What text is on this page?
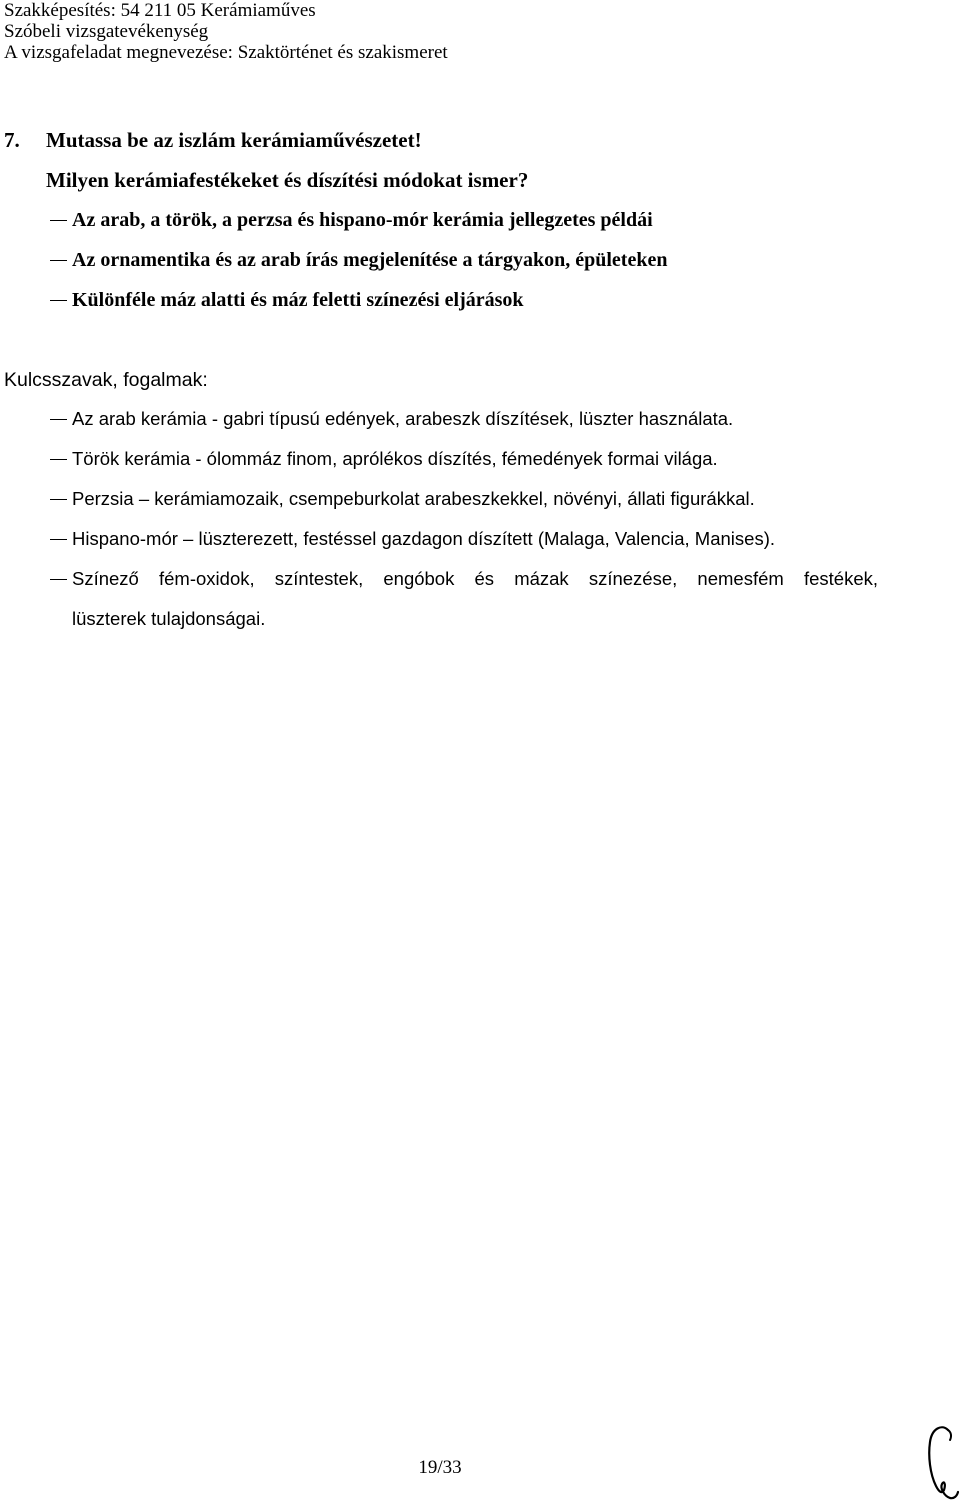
Szakképesítés: 54 211 05 Kerámiaműves
Szóbeli vizsgatevékenység
A vizsgafeladat megnevezése: Szaktörténet és szakismeret
7. Mutassa be az iszlám kerámiaművészetet!
Milyen kerámiafestékeket és díszítési módokat ismer?
Az arab, a török, a perzsa és hispano-mór kerámia jellegzetes példái
Az ornamentika és az arab írás megjelenítése a tárgyakon, épületeken
Különféle máz alatti és máz feletti színezési eljárások
Kulcsszavak, fogalmak:
Az arab kerámia - gabri típusú edények, arabeszk díszítések, lüszter használata.
Török kerámia - ólommáz finom, aprólékos díszítés, fémedények formai világa.
Perzsia – kerámiamozaik, csempeburkolat arabeszkekkel, növényi, állati figurákkal.
Hispano-mór – lüszterezett, festéssel gazdagon díszített (Malaga, Valencia, Manises).
Színező fém-oxidok, színtestek, engóbok és mázak színezése, nemesfém festékek,
lüszterek tulajdonságai.
19/33
